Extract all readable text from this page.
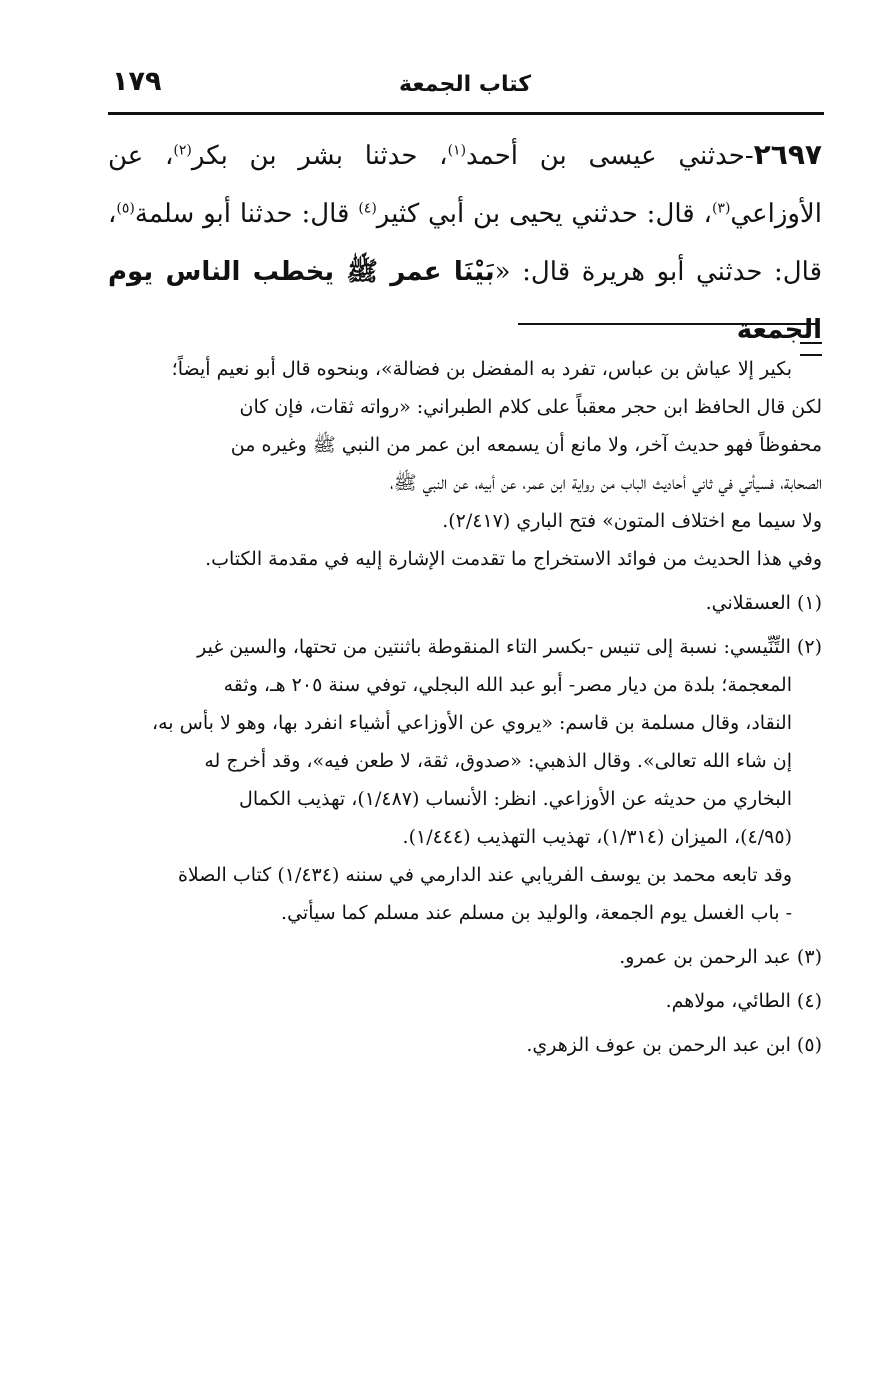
١٧٩	كتاب الجمعة

٢٦٩٧-حدثني عيسى بن أحمد$^{(١)}$، حدثنا بشر بن بكر$^{(٢)}$، عن الأوزاعي$^{(٣)}$، قال: حدثني يحيى بن أبي كثير$^{(٤)}$ قال: حدثنا أبو سلمة$^{(٥)}$، قال: حدثني أبو هريرة قال: «بَيْنَا عمر ﷺ يخطب الناس يوم الجمعة

بكير إلا عياش بن عباس، تفرد به المفضل بن فضالة»، وبنحوه قال أبو نعيم أيضاً؛

لكن قال الحافظ ابن حجر معقباً على كلام الطبراني: «رواته ثقات، فإن كان

محفوظاً فهو حديث آخر، ولا مانع أن يسمعه ابن عمر من النبي ﷺ وغيره من

الصحابة، فسيأتي في ثاني أحاديث الباب من رواية ابن عمر، عن أبيه، عن النبي ﷺ،

ولا سيما مع اختلاف المتون» فتح الباري (٢/٤١٧).

وفي هذا الحديث من فوائد الاستخراج ما تقدمت الإشارة إليه في مقدمة الكتاب.

(١) العسقلاني.

(٢) التِّنِّيسي: نسبة إلى تنيس -بكسر التاء المنقوطة باثنتين من تحتها، والسين غير

المعجمة؛ بلدة من ديار مصر- أبو عبد الله البجلي، توفي سنة ٢٠٥ هـ، وثقه

النقاد، وقال مسلمة بن قاسم: «يروي عن الأوزاعي أشياء انفرد بها، وهو لا بأس به،

إن شاء الله تعالى». وقال الذهبي: «صدوق، ثقة، لا طعن فيه»، وقد أخرج له

البخاري من حديثه عن الأوزاعي. انظر: الأنساب (١/٤٨٧)، تهذيب الكمال

(٤/٩٥)، الميزان (١/٣١٤)، تهذيب التهذيب (١/٤٤٤).

وقد تابعه محمد بن يوسف الفريابي عند الدارمي في سننه (١/٤٣٤) كتاب الصلاة

- باب الغسل يوم الجمعة، والوليد بن مسلم عند مسلم كما سيأتي.

(٣) عبد الرحمن بن عمرو.

(٤) الطائي، مولاهم.

(٥) ابن عبد الرحمن بن عوف الزهري.
